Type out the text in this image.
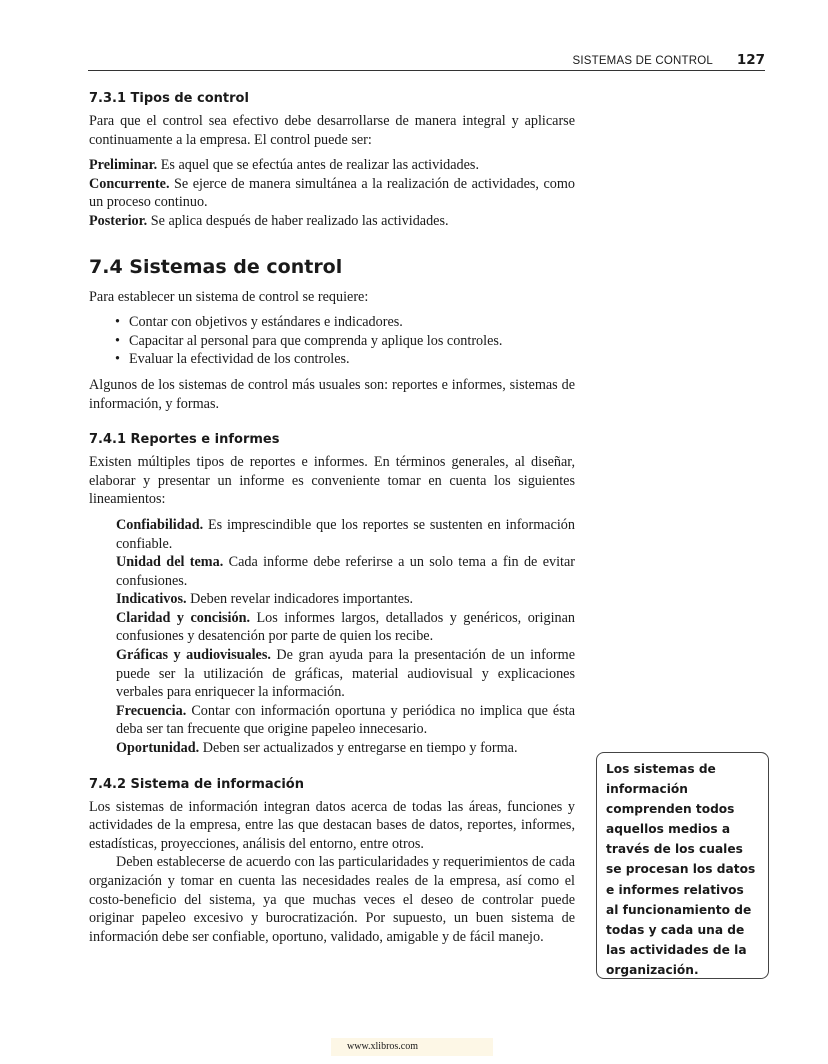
SISTEMAS DE CONTROL 127
7.3.1 Tipos de control

Para que el control sea efectivo debe desarrollarse de manera integral y aplicarse continuamente a la empresa. El control puede ser:

Preliminar. Es aquel que se efectúa antes de realizar las actividades.

Concurrente. Se ejerce de manera simultánea a la realización de actividades, como un proceso continuo.

Posterior. Se aplica después de haber realizado las actividades.

7.4 Sistemas de control

Para establecer un sistema de control se requiere:

• Contar con objetivos y estándares e indicadores.
• Capacitar al personal para que comprenda y aplique los controles.
• Evaluar la efectividad de los controles.

Algunos de los sistemas de control más usuales son: reportes e informes, sistemas de información, y formas.

7.4.1 Reportes e informes

Existen múltiples tipos de reportes e informes. En términos generales, al diseñar, elaborar y presentar un informe es conveniente tomar en cuenta los siguientes lineamientos:

Confiabilidad. Es imprescindible que los reportes se sustenten en información confiable.

Unidad del tema. Cada informe debe referirse a un solo tema a fin de evitar confusiones.

Indicativos. Deben revelar indicadores importantes.

Claridad y concisión. Los informes largos, detallados y genéricos, originan confusiones y desatención por parte de quien los recibe.

Gráficas y audiovisuales. De gran ayuda para la presentación de un informe puede ser la utilización de gráficas, material audiovisual y explicaciones verbales para enriquecer la información.

Frecuencia. Contar con información oportuna y periódica no implica que ésta deba ser tan frecuente que origine papeleo innecesario.

Oportunidad. Deben ser actualizados y entregarse en tiempo y forma.

7.4.2 Sistema de información

Los sistemas de información integran datos acerca de todas las áreas, funciones y actividades de la empresa, entre las que destacan bases de datos, reportes, informes, estadísticas, proyecciones, análisis del entorno, entre otros.

Deben establecerse de acuerdo con las particularidades y requerimientos de cada organización y tomar en cuenta las necesidades reales de la empresa, así como el costo-beneficio del sistema, ya que muchas veces el deseo de controlar puede originar papeleo excesivo y burocratización. Por supuesto, un buen sistema de información debe ser confiable, oportuno, validado, amigable y de fácil manejo.

Los sistemas de información comprenden todos aquellos medios a través de los cuales se procesan los datos e informes relativos al funcionamiento de todas y cada una de las actividades de la organización.
www.xlibros.com
